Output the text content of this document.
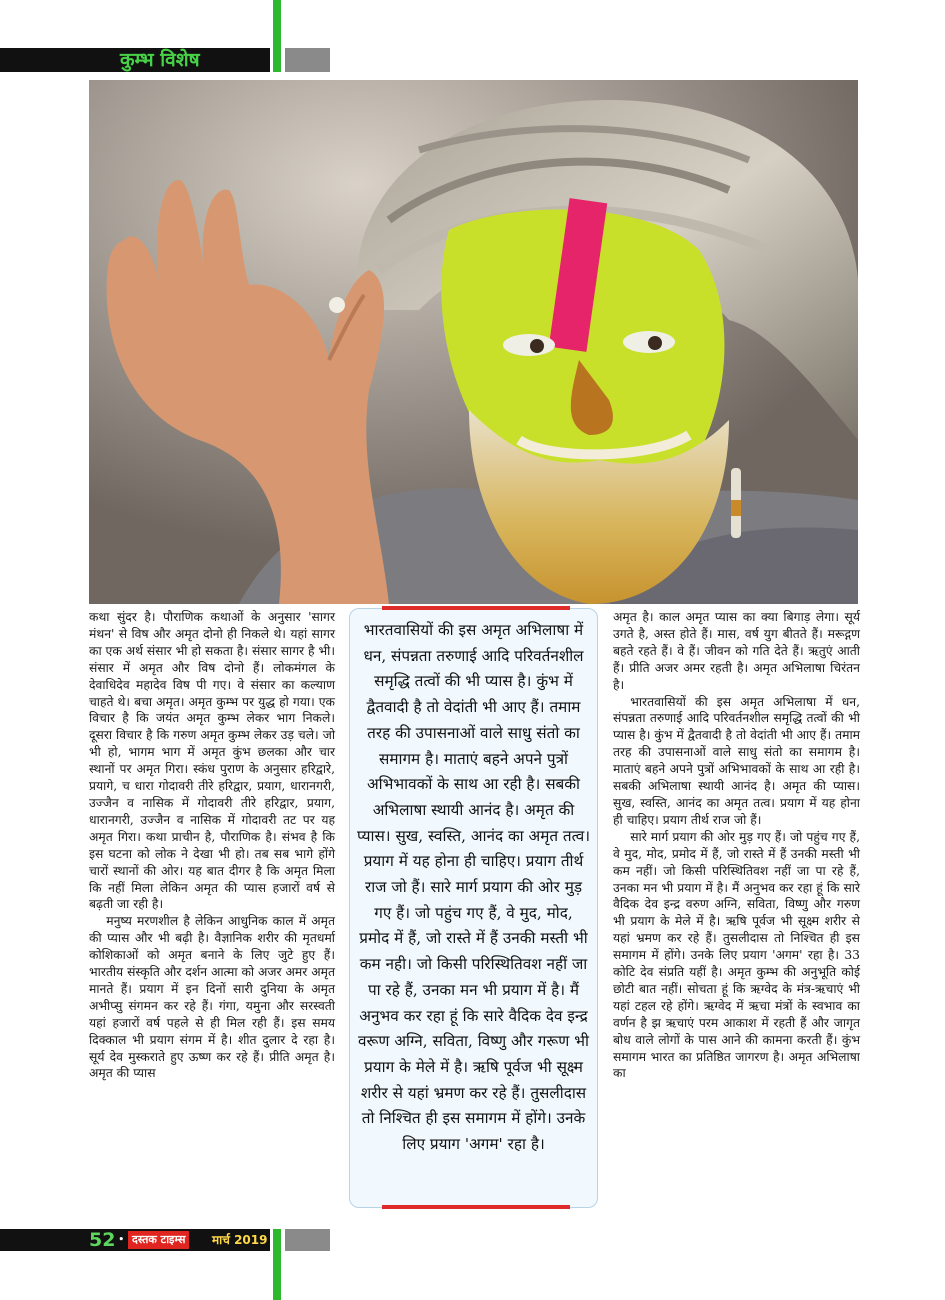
कुम्भ विशेष

कथा सुंदर है। पौराणिक कथाओं के अनुसार 'सागर मंथन' से विष और अमृत दोनो ही निकले थे। यहां सागर का एक अर्थ संसार भी हो सकता है। संसार सागर है भी। संसार में अमृत और विष दोनो हैं। लोकमंगल के देवाधिदेव महादेव विष पी गए। वे संसार का कल्याण चाहते थे। बचा अमृत। अमृत कुम्भ पर युद्ध हो गया। एक विचार है कि जयंत अमृत कुम्भ लेकर भाग निकले। दूसरा विचार है कि गरुण अमृत कुम्भ लेकर उड़ चले। जो भी हो, भागम भाग में अमृत कुंभ छलका और चार स्थानों पर अमृत गिरा। स्कंध पुराण के अनुसार हरिद्वारे, प्रयागे, च धारा गोदावरी तीरे हरिद्वार, प्रयाग, धारानगरी, उज्जैन व नासिक में गोदावरी तीरे हरिद्वार, प्रयाग, धारानगरी, उज्जैन व नासिक में गोदावरी तट पर यह अमृत गिरा। कथा प्राचीन है, पौराणिक है। संभव है कि इस घटना को लोक ने देखा भी हो। तब सब भागे होंगे चारों स्थानों की ओर। यह बात दीगर है कि अमृत मिला कि नहीं मिला लेकिन अमृत की प्यास हजारों वर्ष से बढ़ती जा रही है।

मनुष्य मरणशील है लेकिन आधुनिक काल में अमृत की प्यास और भी बढ़ी है। वैज्ञानिक शरीर की मृतधर्मा कोशिकाओं को अमृत बनाने के लिए जुटे हुए हैं। भारतीय संस्कृति और दर्शन आत्मा को अजर अमर अमृत मानते हैं। प्रयाग में इन दिनों सारी दुनिया के अमृत अभीप्सु संगमन कर रहे हैं। गंगा, यमुना और सरस्वती यहां हजारों वर्ष पहले से ही मिल रही हैं। इस समय दिक्काल भी प्रयाग संगम में है। शीत दुलार दे रहा है। सूर्य देव मुस्कराते हुए ऊष्ण कर रहे हैं। प्रीति अमृत है। अमृत की प्यास

भारतवासियों की इस अमृत अभिलाषा में धन, संपन्नता तरुणाई आदि परिवर्तनशील समृद्धि तत्वों की भी प्यास है। कुंभ में द्वैतवादी है तो वेदांती भी आए हैं। तमाम तरह की उपासनाओं वाले साधु संतो का समागम है। माताएं बहने अपने पुत्रों अभिभावकों के साथ आ रही है। सबकी अभिलाषा स्थायी आनंद है। अमृत की प्यास। सुख, स्वस्ति, आनंद का अमृत तत्व। प्रयाग में यह होना ही चाहिए। प्रयाग तीर्थ राज जो हैं। सारे मार्ग प्रयाग की ओर मुड़ गए हैं। जो पहुंच गए हैं, वे मुद, मोद, प्रमोद में हैं, जो रास्ते में हैं उनकी मस्ती भी कम नही। जो किसी परिस्थितिवश नहीं जा पा रहे हैं, उनका मन भी प्रयाग में है। मैं अनुभव कर रहा हूं कि सारे वैदिक देव इन्द्र वरूण अग्नि, सविता, विष्णु और गरूण भी प्रयाग के मेले में है। ऋषि पूर्वज भी सूक्ष्म शरीर से यहां भ्रमण कर रहे हैं। तुसलीदास तो निश्चित ही इस समागम में होंगे। उनके लिए प्रयाग 'अगम' रहा है।

अमृत है। काल अमृत प्यास का क्या बिगाड़ लेगा। सूर्य उगते है, अस्त होते हैं। मास, वर्ष युग बीतते हैं। मरूद्गण बहते रहते हैं। वे हैं। जीवन को गति देते हैं। ऋतुएं आती हैं। प्रीति अजर अमर रहती है। अमृत अभिलाषा चिरंतन है।

भारतवासियों की इस अमृत अभिलाषा में धन, संपन्नता तरुणाई आदि परिवर्तनशील समृद्धि तत्वों की भी प्यास है। कुंभ में द्वैतवादी है तो वेदांती भी आए हैं। तमाम तरह की उपासनाओं वाले साधु संतो का समागम है। माताएं बहने अपने पुत्रों अभिभावकों के साथ आ रही है। सबकी अभिलाषा स्थायी आनंद है। अमृत की प्यास। सुख, स्वस्ति, आनंद का अमृत तत्व। प्रयाग में यह होना ही चाहिए। प्रयाग तीर्थ राज जो हैं।

सारे मार्ग प्रयाग की ओर मुड़ गए हैं। जो पहुंच गए हैं, वे मुद, मोद, प्रमोद में हैं, जो रास्ते में हैं उनकी मस्ती भी कम नहीं। जो किसी परिस्थितिवश नहीं जा पा रहे हैं, उनका मन भी प्रयाग में है। मैं अनुभव कर रहा हूं कि सारे वैदिक देव इन्द्र वरुण अग्नि, सविता, विष्णु और गरुण भी प्रयाग के मेले में है। ऋषि पूर्वज भी सूक्ष्म शरीर से यहां भ्रमण कर रहे हैं। तुसलीदास तो निश्चित ही इस समागम में होंगे। उनके लिए प्रयाग 'अगम' रहा है। 33 कोटि देव संप्रति यहीं है। अमृत कुम्भ की अनुभूति कोई छोटी बात नहीं। सोचता हूं कि ऋग्वेद के मंत्र-ऋचाएं भी यहां टहल रहे होंगे। ऋग्वेद में ऋचा मंत्रों के स्वभाव का वर्णन है झ ऋचाएं परम आकाश में रहती हैं और जागृत बोध वाले लोगों के पास आने की कामना करती हैं। कुंभ समागम भारत का प्रतिष्ठित जागरण है। अमृत अभिलाषा का

52 • दस्तक टाइम्स	मार्च 2019
